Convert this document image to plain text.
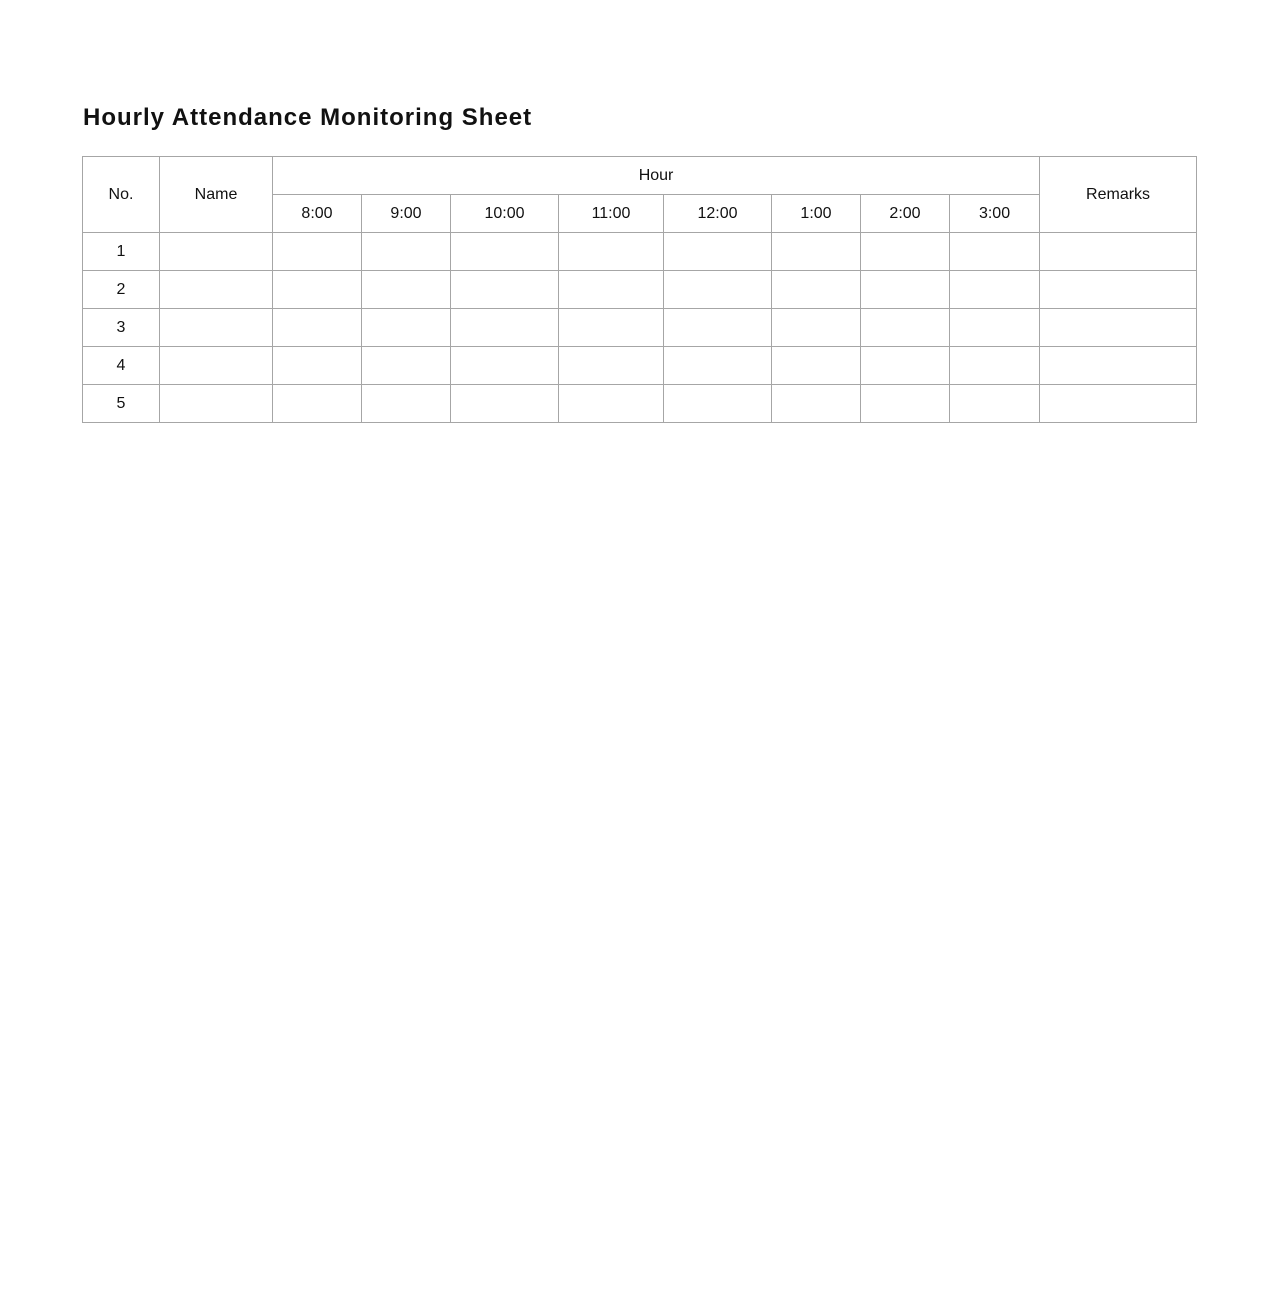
Hourly Attendance Monitoring Sheet
No.	Name	Hour								Remarks
		8:00	9:00	10:00	11:00	12:00	1:00	2:00	3:00	
1										
2										
3										
4										
5										
